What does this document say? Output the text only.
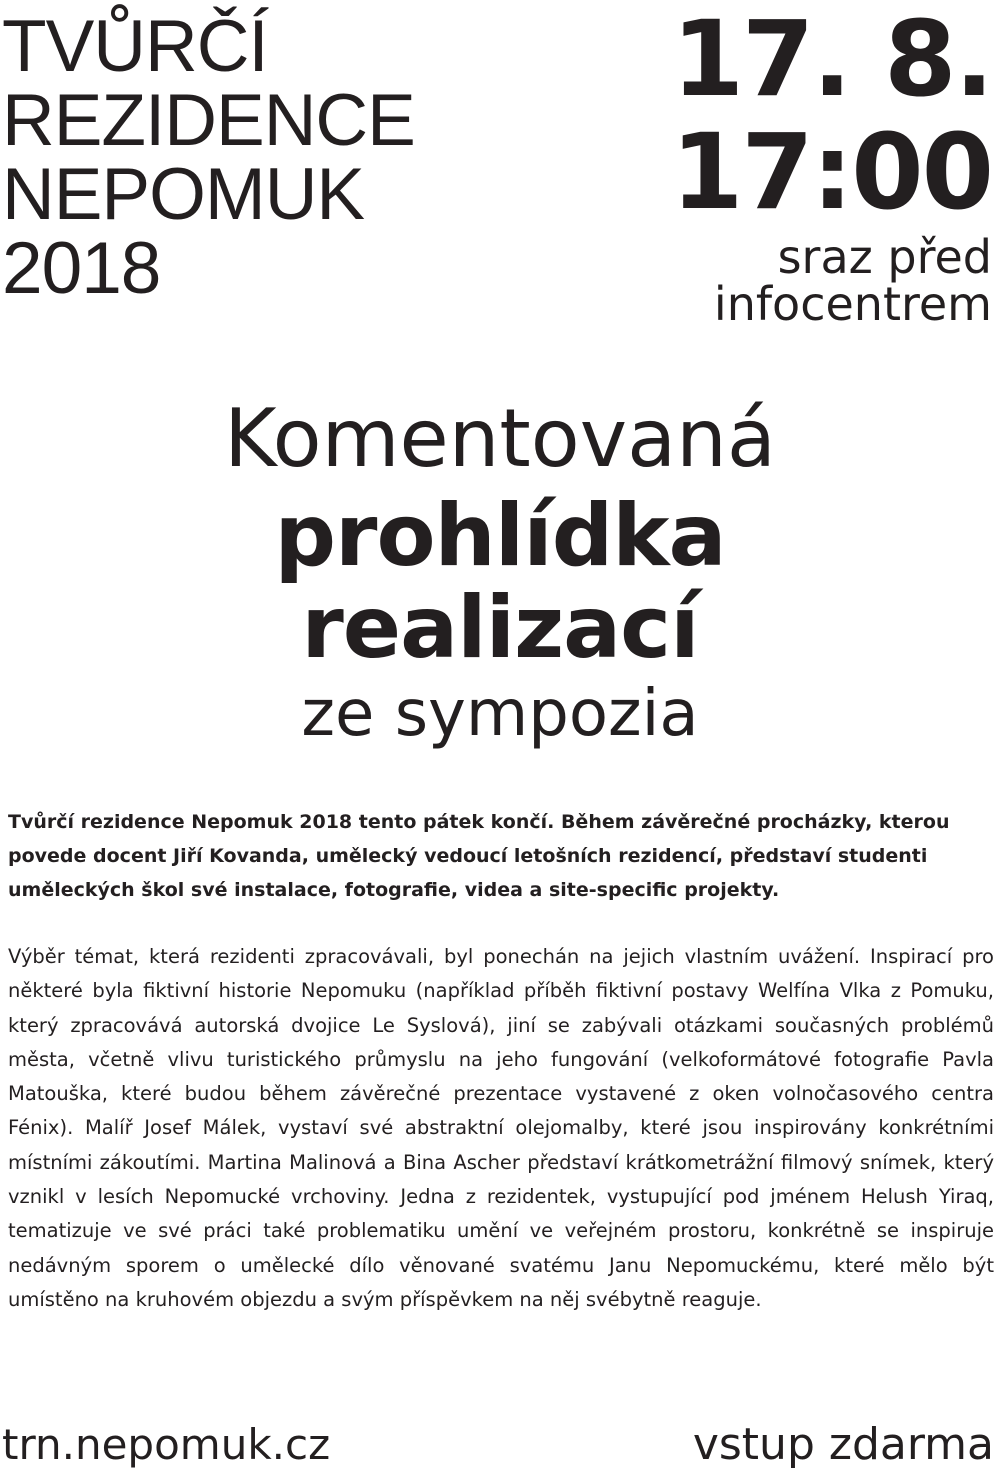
TVŮRČÍ
REZIDENCE
NEPOMUK
2018
17. 8.
17:00
sraz před
infocentrem
Komentovaná
prohlídka
realizací
ze sympozia

Tvůrčí rezidence Nepomuk 2018 tento pátek končí. Během závěrečné procházky, kterou povede docent Jiří Kovanda, umělecký vedoucí letošních rezidencí, představí studenti uměleckých škol své instalace, fotografie, videa a site-specific projekty.

Výběr témat, která rezidenti zpracovávali, byl ponechán na jejich vlastním uvážení. Inspirací pro některé byla fiktivní historie Nepomuku (například příběh fiktivní postavy Welfína Vlka z Pomuku, který zpracovává autorská dvojice Le Syslová), jiní se zabývali otázkami současných problémů města, včetně vlivu turistického průmyslu na jeho fungování (velkoformátové fotografie Pavla Matouška, které budou během závěrečné prezentace vystavené z oken volnočasového centra Fénix). Malíř Josef Málek, vystaví své abstraktní olejomalby, které jsou inspirovány konkrétními místními zákoutími. Martina Malinová a Bina Ascher představí krátkometrážní filmový snímek, který vznikl v lesích Nepomucké vrchoviny. Jedna z rezidentek, vystupující pod jménem Helush Yiraq, tematizuje ve své práci také problematiku umění ve veřejném prostoru, konkrétně se inspiruje nedávným sporem o umělecké dílo věnované svatému Janu Nepomuckému, které mělo být umístěno na kruhovém objezdu a svým příspěvkem na něj svébytně reaguje.

trn.nepomuk.cz	vstup zdarma
